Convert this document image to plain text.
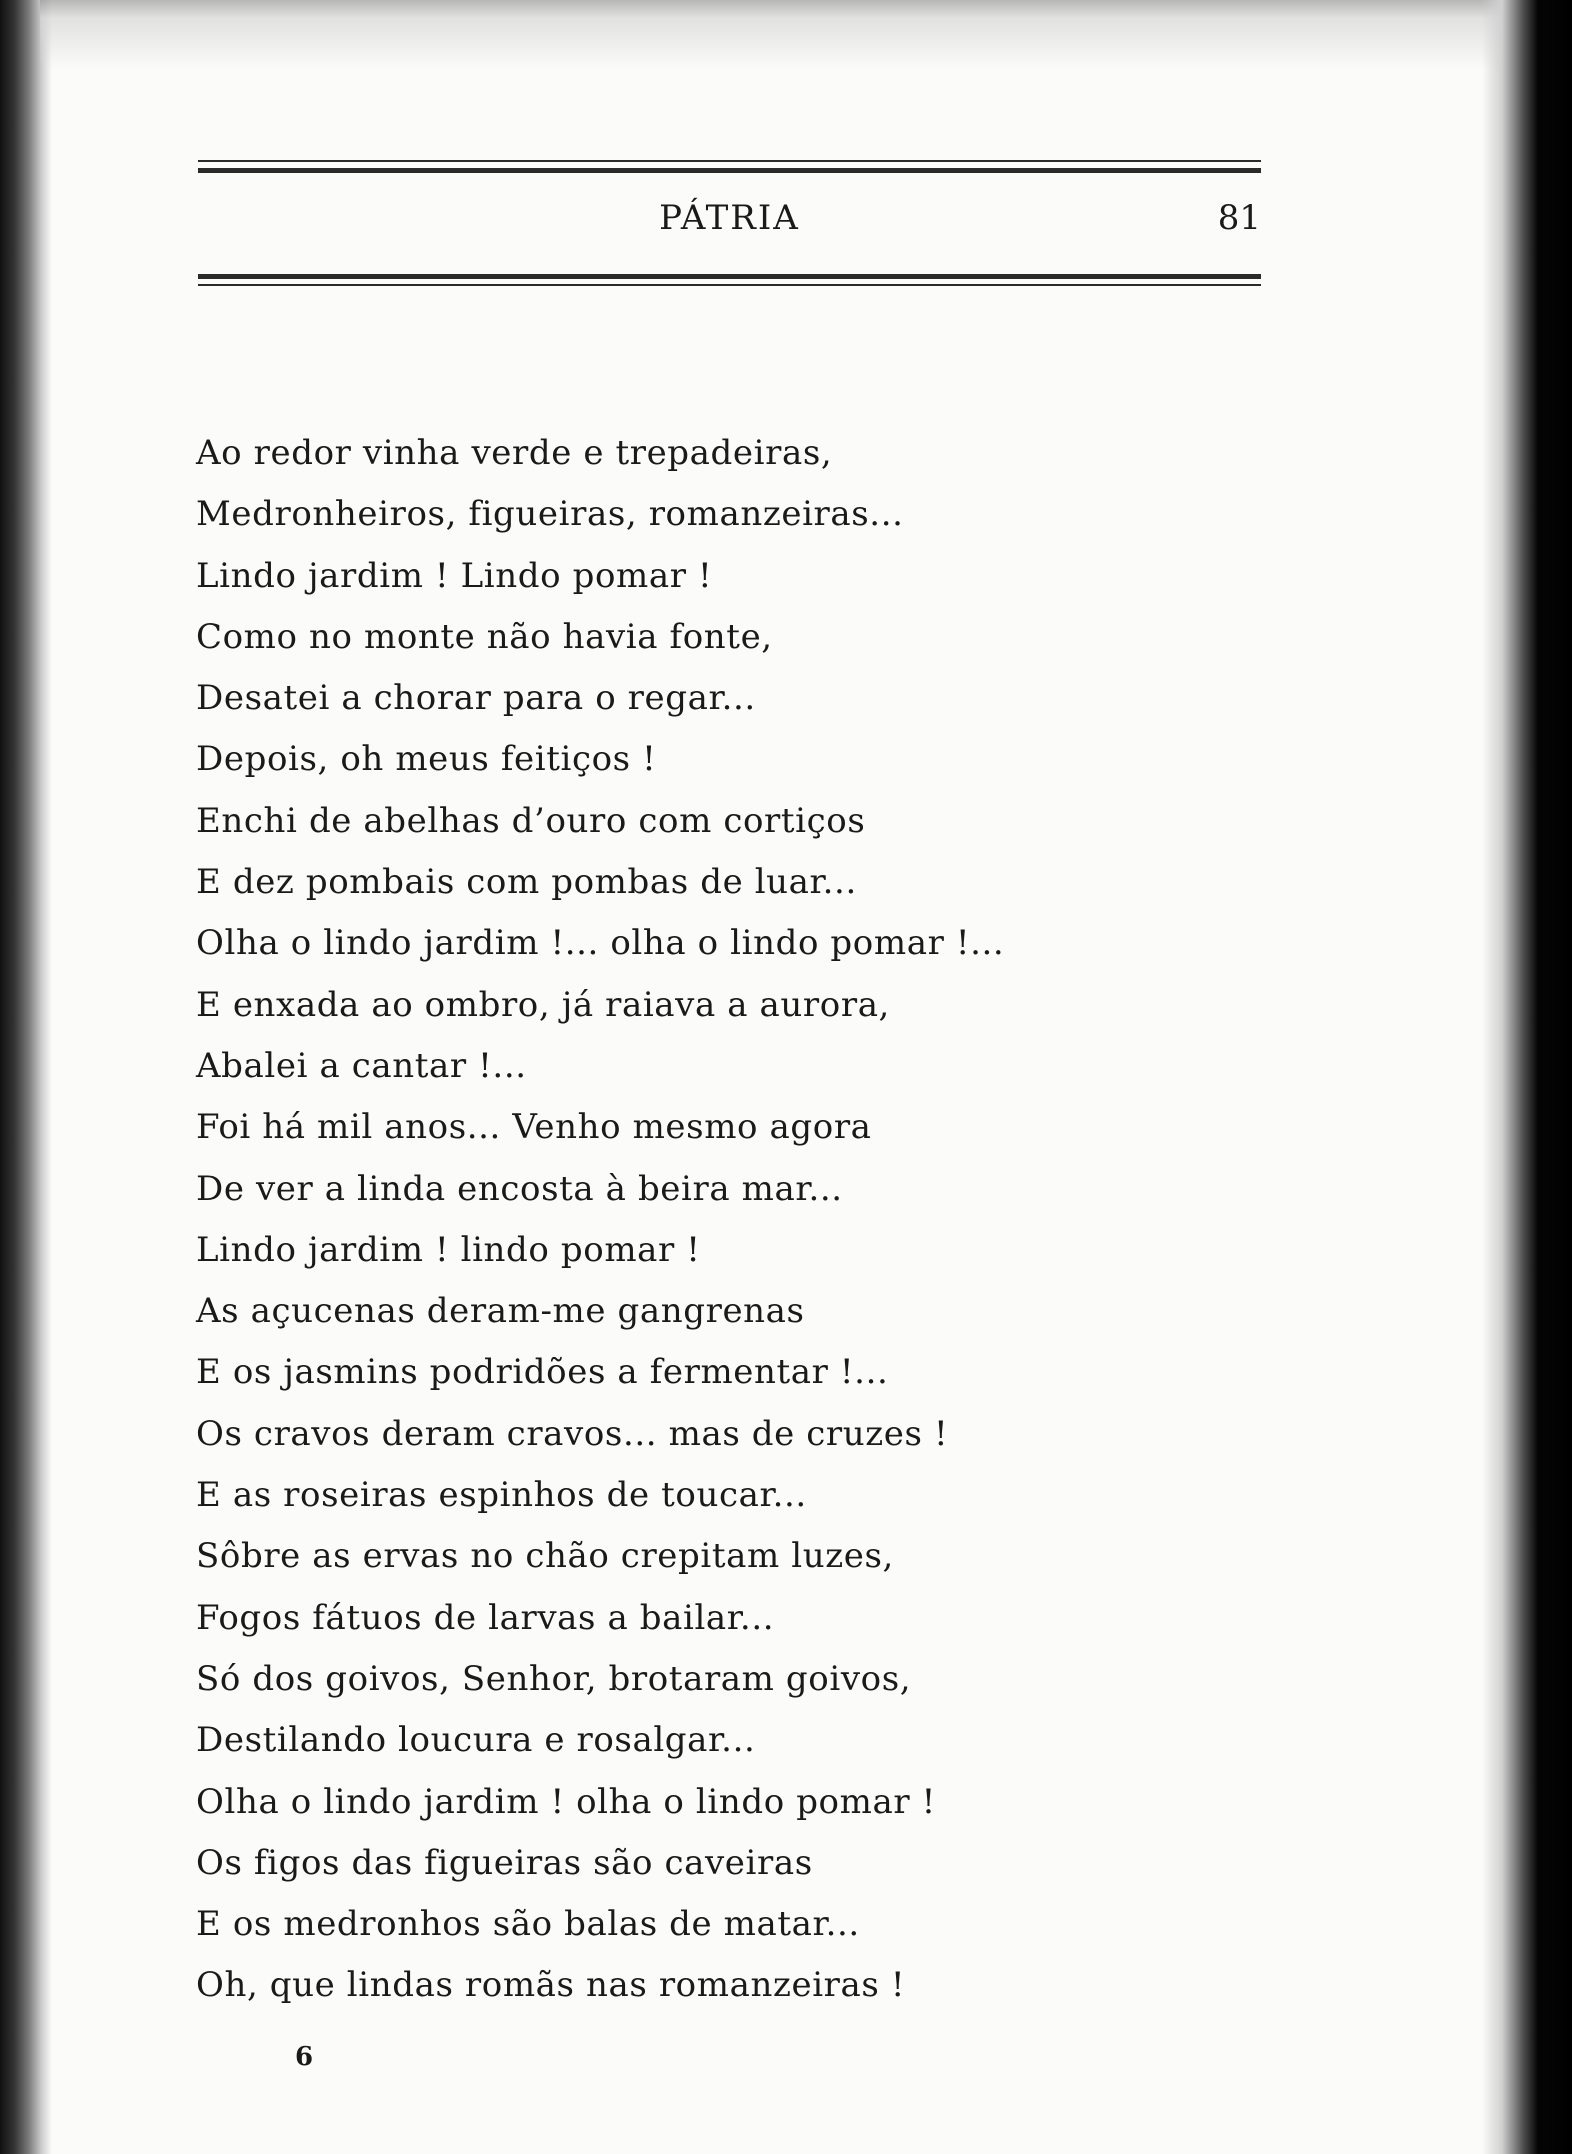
PÁTRIA	81
Ao redor vinha verde e trepadeiras,
Medronheiros, figueiras, romanzeiras...
Lindo jardim ! Lindo pomar !
Como no monte não havia fonte,
Desatei a chorar para o regar...
Depois, oh meus feitiços !
Enchi de abelhas d’ouro com cortiços
E dez pombais com pombas de luar...
Olha o lindo jardim !... olha o lindo pomar !...
E enxada ao ombro, já raiava a aurora,
Abalei a cantar !...
Foi há mil anos... Venho mesmo agora
De ver a linda encosta à beira mar...
Lindo jardim ! lindo pomar !
As açucenas deram-me gangrenas
E os jasmins podridões a fermentar !...
Os cravos deram cravos... mas de cruzes !
E as roseiras espinhos de toucar...
Sôbre as ervas no chão crepitam luzes,
Fogos fátuos de larvas a bailar...
Só dos goivos, Senhor, brotaram goivos,
Destilando loucura e rosalgar...
Olha o lindo jardim ! olha o lindo pomar !
Os figos das figueiras são caveiras
E os medronhos são balas de matar...
Oh, que lindas romãs nas romanzeiras !
6
